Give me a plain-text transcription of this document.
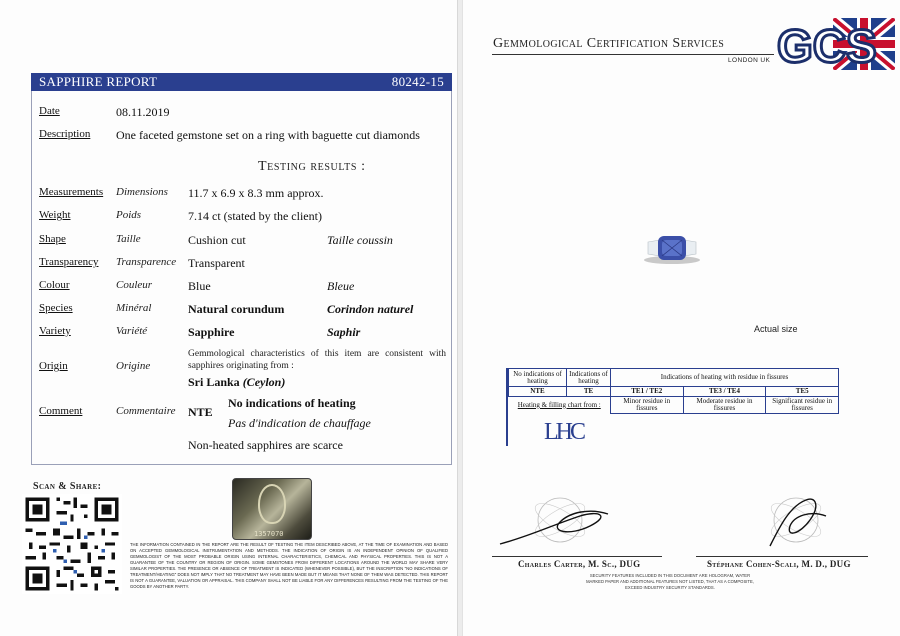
SAPPHIRE REPORT	80242-15
Date	08.11.2019
Description One faceted gemstone set on a ring with baguette cut diamonds
Testing results :
Measurements Dimensions 11.7 x 6.9 x 8.3 mm approx.
Weight	Poids	7.14 ct (stated by the client)
Shape	Taille	Cushion cut	Taille coussin
Transparency Transparence Transparent
Colour	Couleur	Blue	Bleue
Species	Minéral	Natural corundum	Corindon naturel
Variety	Variété	Sapphire	Saphir
Origin	Origine
Gemmological characteristics of this item are consistent with sapphires originating from :
Sri Lanka (Ceylon)
Comment	Commentaire NTE
No indications of heating
Pas d'indication de chauffage
Non-heated sapphires are scarce
Scan & Share:
1357070
THE INFORMATION CONTAINED IN THE REPORT ARE THE RESULT OF TESTING THE ITEM DESCRIBED ABOVE, AT THE TIME OF EXAMINATION AND BASED ON ACCEPTED GEMMOLOGICAL INSTRUMENTATION AND METHODS. THE INDICATION OF ORIGIN IS AN INDEPENDENT OPINION OF QUALIFIED GEMMOLOGIST OF THE MOST PROBABLE ORIGIN USING INTERNAL CHARACTERISTICS, CHEMICAL AND PHYSICAL PROPERTIES. THIS IS NOT A GUARANTEE OF THE COUNTRY OR REGION OF ORIGIN. SOME GEMSTONES FROM DIFFERENT LOCATIONS AROUND THE WORLD MAY SHARE VERY SIMILAR PROPERTIES. THE PRESENCE OR ABSENCE OF TREATMENT IS INDICATED (WHENEVER POSSIBLE), BUT THE INSCRIPTION "NO INDICATIONS OF TREATMENT/HEATING" DOES NOT IMPLY THAT NO TREATMENT MAY HAVE BEEN MADE BUT IT MEANS THAT NONE OF THEM WAS DETECTED. THIS REPORT IS NOT A GUARANTEE, VALUATION OR APPRAISAL. THIS COMPANY SHALL NOT BE LIABLE FOR ANY DIFFERENCES RESULTING FROM THE TESTING OF THE GOODS BY ANOTHER PARTY.
Gemmological Certification Services
LONDON UK GCS
Actual size
No indications of heating	Indications of heating	Indications of heating with residue in fissures		
NTE	TE	TE1 / TE2	TE3 / TE4	TE5
Heating & filling chart from :		Minor residue in fissures	Moderate residue in fissures	Significant residue in fissures
LHC
Charles Carter, M. Sc., DUG	Stéphane Cohen-Scali, M. D., DUG
SECURITY FEATURES INCLUDED IN THIS DOCUMENT ARE HOLOGRAM, WATER MARKED PAPER AND ADDITIONAL FEATURES NOT LISTED, THAT AS A COMPOSITE, EXCEED INDUSTRY SECURITY STANDARDS.
